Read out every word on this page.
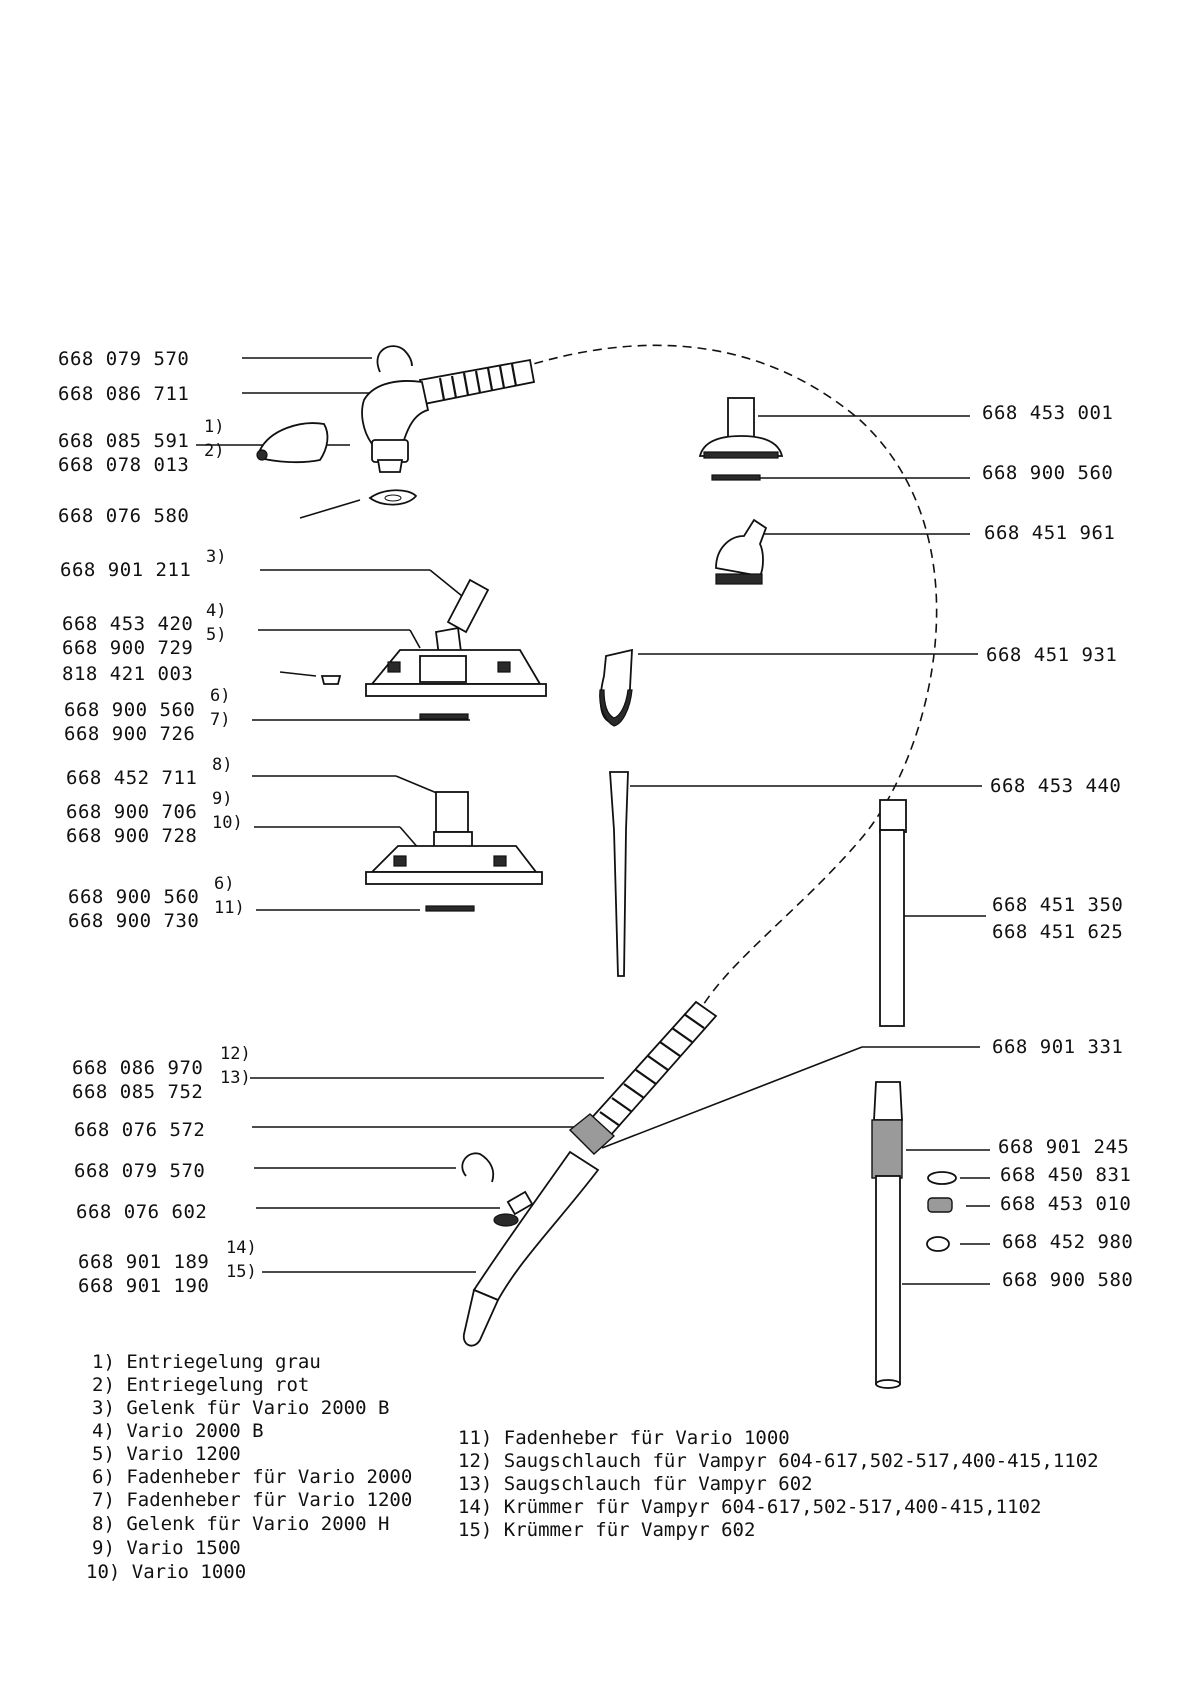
668 079 570
668 086 711
668 085 591
1)
668 078 013
2)
668 076 580
668 901 211
3)
668 453 420
4)
668 900 729
5)
818 421 003
668 900 560
6)
668 900 726
7)
668 452 711
8)
668 900 706
9)
668 900 728
10)
668 900 560
6)
668 900 730
11)
668 086 970
12)
668 085 752
13)
668 076 572
668 079 570
668 076 602
668 901 189
14)
668 901 190
15)
668 453 001
668 900 560
668 451 961
668 451 931
668 453 440
668 451 350
668 451 625
668 901 331
668 901 245
668 450 831
668 453 010
668 452 980
668 900 580
1) Entriegelung grau
2) Entriegelung rot
3) Gelenk für Vario 2000 B
4) Vario 2000 B
5) Vario 1200
6) Fadenheber für Vario 2000
7) Fadenheber für Vario 1200
8) Gelenk für Vario 2000 H
9) Vario 1500
10) Vario 1000
11) Fadenheber für Vario 1000
12) Saugschlauch für Vampyr 604-617,502-517,400-415,1102
13) Saugschlauch für Vampyr 602
14) Krümmer für Vampyr 604-617,502-517,400-415,1102
15) Krümmer für Vampyr 602
